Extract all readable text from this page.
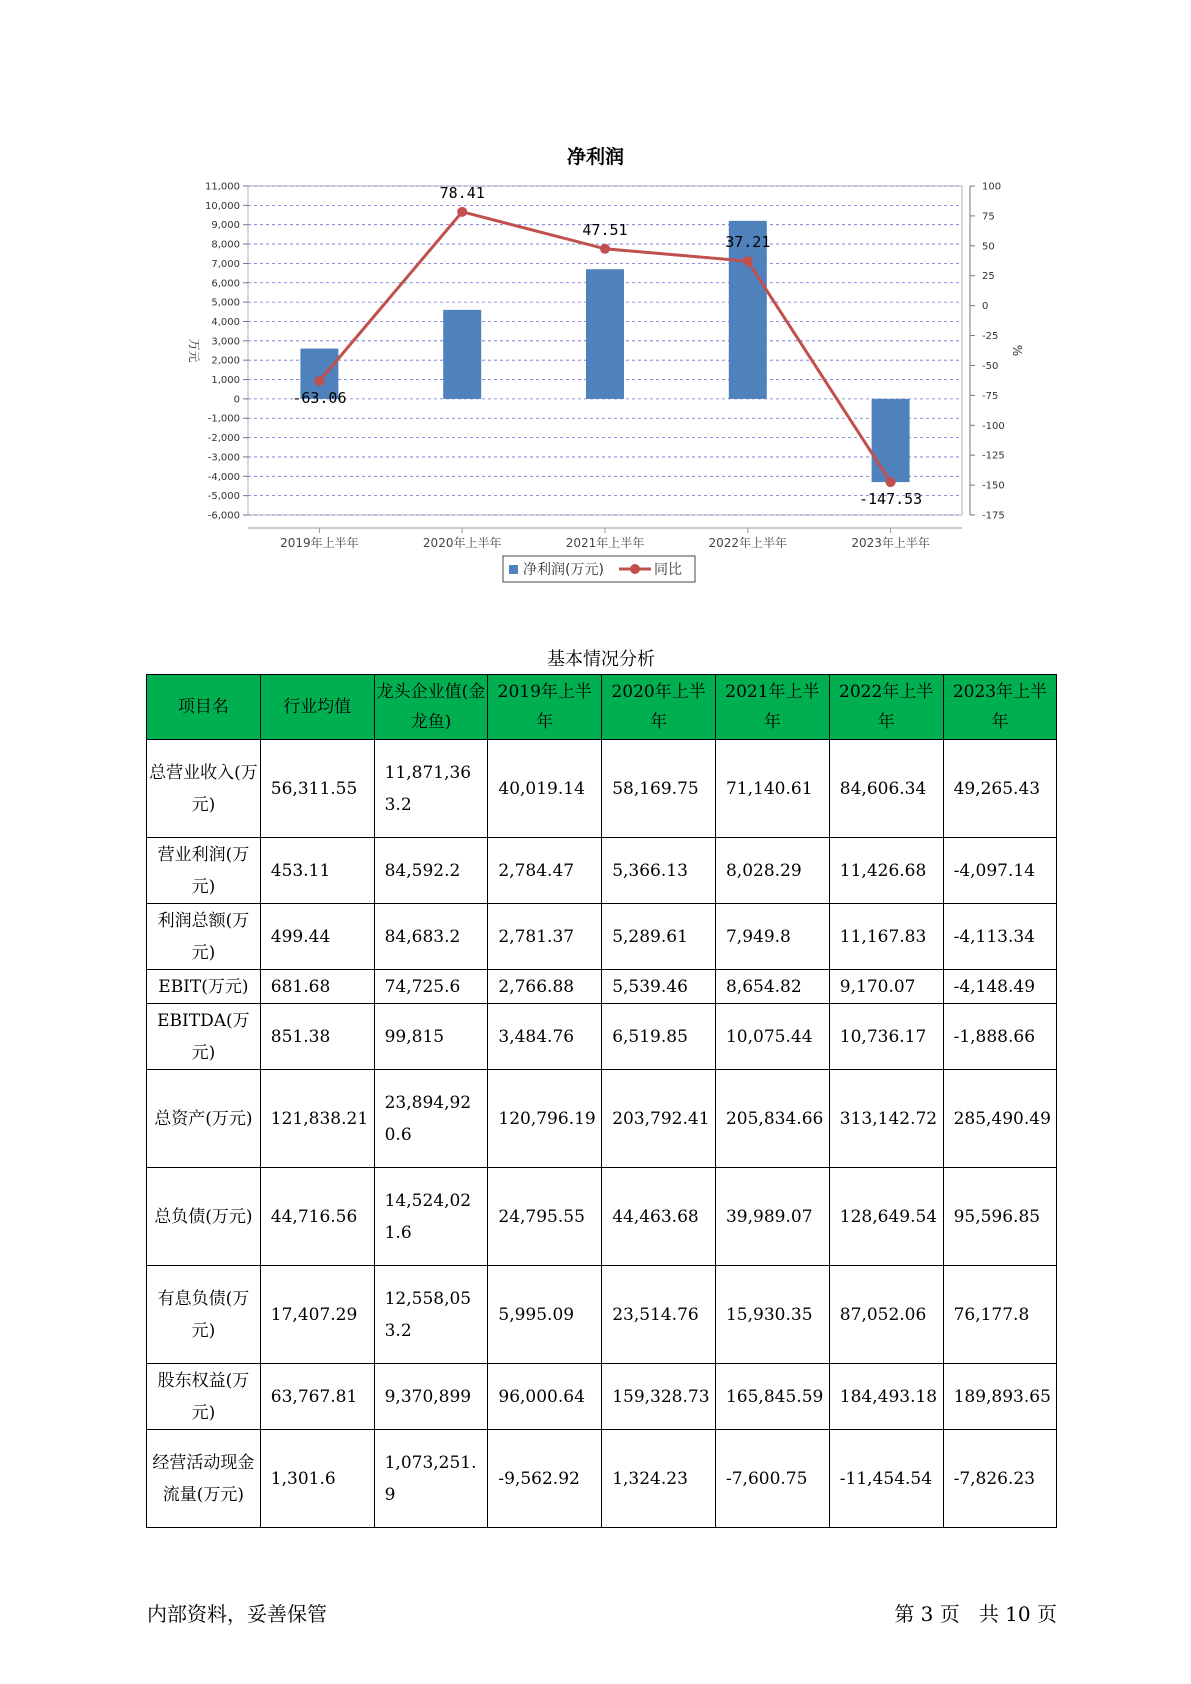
净利润
11,000
10,000
9,000
8,000
7,000
6,000
5,000
4,000
3,000
2,000
1,000
0
-1,000
-2,000
-3,000
-4,000
-5,000
-6,000
100
75
50
25
0
-25
-50
-75
-100
-125
-150
-175
万元	%
2019年上半年	2020年上半年	2021年上半年	2022年上半年	2023年上半年
-63.06
78.41
47.51
37.21
-147.53
净利润(万元)	同比
基本情况分析
项目名	行业均值	龙头企业值(金龙鱼)	2019年上半年	2020年上半年	2021年上半年	2022年上半年	2023年上半年
总营业收入(万元)	56,311.55	11,871,363.2	40,019.14	58,169.75	71,140.61	84,606.34	49,265.43
营业利润(万元)	453.11	84,592.2	2,784.47	5,366.13	8,028.29	11,426.68	-4,097.14
利润总额(万元)	499.44	84,683.2	2,781.37	5,289.61	7,949.8	11,167.83	-4,113.34
EBIT(万元)	681.68	74,725.6	2,766.88	5,539.46	8,654.82	9,170.07	-4,148.49
EBITDA(万元)	851.38	99,815	3,484.76	6,519.85	10,075.44	10,736.17	-1,888.66
总资产(万元)	121,838.21	23,894,920.6	120,796.19	203,792.41	205,834.66	313,142.72	285,490.49
总负债(万元)	44,716.56	14,524,021.6	24,795.55	44,463.68	39,989.07	128,649.54	95,596.85
有息负债(万元)	17,407.29	12,558,053.2	5,995.09	23,514.76	15,930.35	87,052.06	76,177.8
股东权益(万元)	63,767.81	9,370,899	96,000.64	159,328.73	165,845.59	184,493.18	189,893.65
经营活动现金流量(万元)	1,301.6	1,073,251.9	-9,562.92	1,324.23	-7,600.75	-11,454.54	-7,826.23
内部资料，妥善保管	第 3 页   共 10 页
